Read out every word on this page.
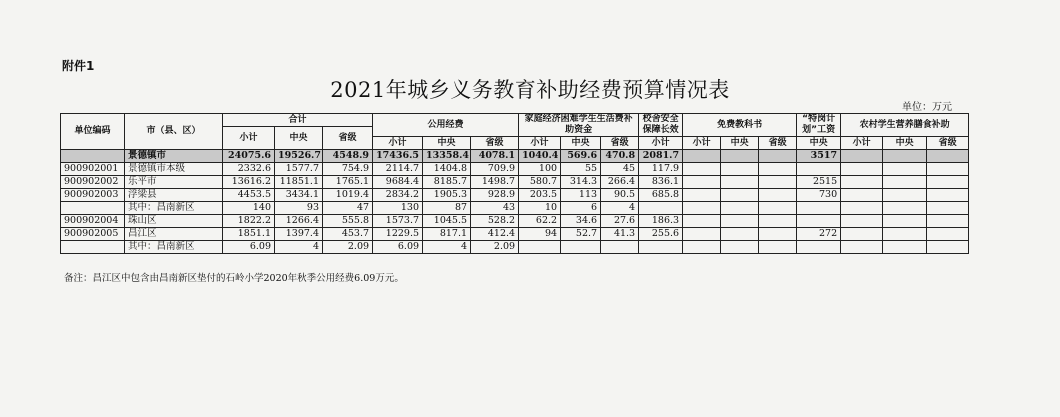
附件1
2021年城乡义务教育补助经费预算情况表
单位：万元
单位编码	市（县、区）	合计			公用经费			家庭经济困难学生生活费补助资金			校舍安全保障长效	免费教科书			“特岗计划”工资	农村学生营养膳食补助		
		小计	中央	省级														
					小计	中央	省级	小计	中央	省级	小计	小计	中央	省级	中央	小计	中央	省级
	景德镇市	24075.6	19526.7	4548.9	17436.5	13358.4	4078.1	1040.4	569.6	470.8	2081.7				3517			
900902001	景德镇市本级	2332.6	1577.7	754.9	2114.7	1404.8	709.9	100	55	45	117.9							
900902002	乐平市	13616.2	11851.1	1765.1	9684.4	8185.7	1498.7	580.7	314.3	266.4	836.1				2515			
900902003	浮梁县	4453.5	3434.1	1019.4	2834.2	1905.3	928.9	203.5	113	90.5	685.8				730			
	其中：昌南新区	140	93	47	130	87	43	10	6	4								
900902004	珠山区	1822.2	1266.4	555.8	1573.7	1045.5	528.2	62.2	34.6	27.6	186.3							
900902005	昌江区	1851.1	1397.4	453.7	1229.5	817.1	412.4	94	52.7	41.3	255.6				272			
	其中：昌南新区	6.09	4	2.09	6.09	4	2.09											
备注：昌江区中包含由昌南新区垫付的石岭小学2020年秋季公用经费6.09万元。
